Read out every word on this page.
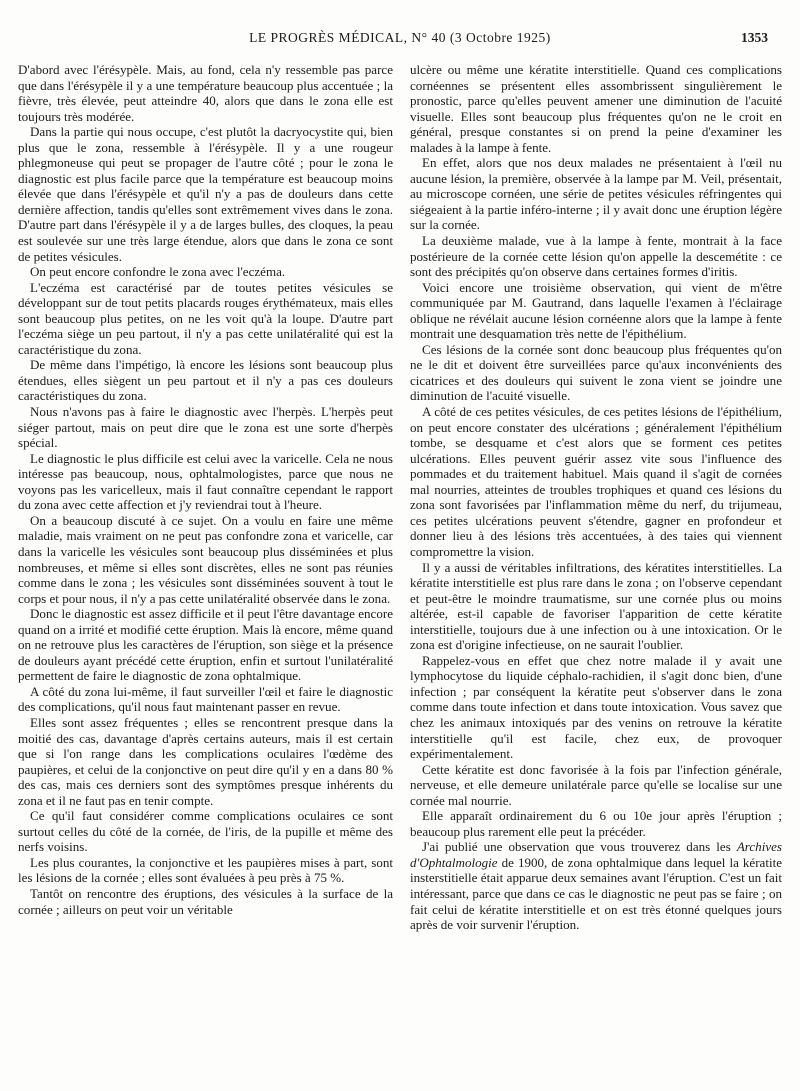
LE PROGRÈS MÉDICAL, N° 40 (3 Octobre 1925)	1353

D'abord avec l'érésypèle. Mais, au fond, cela n'y ressemble pas parce que dans l'érésypèle il y a une température beaucoup plus accentuée ; la fièvre, très élevée, peut atteindre 40, alors que dans le zona elle est toujours très modérée.

Dans la partie qui nous occupe, c'est plutôt la dacryocystite qui, bien plus que le zona, ressemble à l'érésypèle. Il y a une rougeur phlegmoneuse qui peut se propager de l'autre côté ; pour le zona le diagnostic est plus facile parce que la température est beaucoup moins élevée que dans l'érésypèle et qu'il n'y a pas de douleurs dans cette dernière affection, tandis qu'elles sont extrêmement vives dans le zona. D'autre part dans l'érésypèle il y a de larges bulles, des cloques, la peau est soulevée sur une très large étendue, alors que dans le zona ce sont de petites vésicules.

On peut encore confondre le zona avec l'eczéma.

L'eczéma est caractérisé par de toutes petites vésicules se développant sur de tout petits placards rouges érythémateux, mais elles sont beaucoup plus petites, on ne les voit qu'à la loupe. D'autre part l'eczéma siège un peu partout, il n'y a pas cette unilatéralité qui est la caractéristique du zona.

De même dans l'impétigo, là encore les lésions sont beaucoup plus étendues, elles siègent un peu partout et il n'y a pas ces douleurs caractéristiques du zona.

Nous n'avons pas à faire le diagnostic avec l'herpès. L'herpès peut siéger partout, mais on peut dire que le zona est une sorte d'herpès spécial.

Le diagnostic le plus difficile est celui avec la varicelle. Cela ne nous intéresse pas beaucoup, nous, ophtalmologistes, parce que nous ne voyons pas les varicelleux, mais il faut connaître cependant le rapport du zona avec cette affection et j'y reviendrai tout à l'heure.

On a beaucoup discuté à ce sujet. On a voulu en faire une même maladie, mais vraiment on ne peut pas confondre zona et varicelle, car dans la varicelle les vésicules sont beaucoup plus disséminées et plus nombreuses, et même si elles sont discrètes, elles ne sont pas réunies comme dans le zona ; les vésicules sont disséminées souvent à tout le corps et pour nous, il n'y a pas cette unilatéralité observée dans le zona.

Donc le diagnostic est assez difficile et il peut l'être davantage encore quand on a irrité et modifié cette éruption. Mais là encore, même quand on ne retrouve plus les caractères de l'éruption, son siège et la présence de douleurs ayant précédé cette éruption, enfin et surtout l'unilatéralité permettent de faire le diagnostic de zona ophtalmique.

A côté du zona lui-même, il faut surveiller l'œil et faire le diagnostic des complications, qu'il nous faut maintenant passer en revue.

Elles sont assez fréquentes ; elles se rencontrent presque dans la moitié des cas, davantage d'après certains auteurs, mais il est certain que si l'on range dans les complications oculaires l'œdème des paupières, et celui de la conjonctive on peut dire qu'il y en a dans 80 % des cas, mais ces derniers sont des symptômes presque inhérents du zona et il ne faut pas en tenir compte.

Ce qu'il faut considérer comme complications oculaires ce sont surtout celles du côté de la cornée, de l'iris, de la pupille et même des nerfs voisins.

Les plus courantes, la conjonctive et les paupières mises à part, sont les lésions de la cornée ; elles sont évaluées à peu près à 75 %.

Tantôt on rencontre des éruptions, des vésicules à la surface de la cornée ; ailleurs on peut voir un véritable

ulcère ou même une kératite interstitielle. Quand ces complications cornéennes se présentent elles assombrissent singulièrement le pronostic, parce qu'elles peuvent amener une diminution de l'acuité visuelle. Elles sont beaucoup plus fréquentes qu'on ne le croit en général, presque constantes si on prend la peine d'examiner les malades à la lampe à fente.

En effet, alors que nos deux malades ne présentaient à l'œil nu aucune lésion, la première, observée à la lampe par M. Veil, présentait, au microscope cornéen, une série de petites vésicules réfringentes qui siégeaient à la partie inféro-interne ; il y avait donc une éruption légère sur la cornée.

La deuxième malade, vue à la lampe à fente, montrait à la face postérieure de la cornée cette lésion qu'on appelle la descemétite : ce sont des précipités qu'on observe dans certaines formes d'iritis.

Voici encore une troisième observation, qui vient de m'être communiquée par M. Gautrand, dans laquelle l'examen à l'éclairage oblique ne révélait aucune lésion cornéenne alors que la lampe à fente montrait une desquamation très nette de l'épithélium.

Ces lésions de la cornée sont donc beaucoup plus fréquentes qu'on ne le dit et doivent être surveillées parce qu'aux inconvénients des cicatrices et des douleurs qui suivent le zona vient se joindre une diminution de l'acuité visuelle.

A côté de ces petites vésicules, de ces petites lésions de l'épithélium, on peut encore constater des ulcérations ; généralement l'épithélium tombe, se desquame et c'est alors que se forment ces petites ulcérations. Elles peuvent guérir assez vite sous l'influence des pommades et du traitement habituel. Mais quand il s'agit de cornées mal nourries, atteintes de troubles trophiques et quand ces lésions du zona sont favorisées par l'inflammation même du nerf, du trijumeau, ces petites ulcérations peuvent s'étendre, gagner en profondeur et donner lieu à des lésions très accentuées, à des taies qui viennent compromettre la vision.

Il y a aussi de véritables infiltrations, des kératites interstitielles. La kératite interstitielle est plus rare dans le zona ; on l'observe cependant et peut-être le moindre traumatisme, sur une cornée plus ou moins altérée, est-il capable de favoriser l'apparition de cette kératite interstitielle, toujours due à une infection ou à une intoxication. Or le zona est d'origine infectieuse, on ne saurait l'oublier.

Rappelez-vous en effet que chez notre malade il y avait une lymphocytose du liquide céphalo-rachidien, il s'agit donc bien, d'une infection ; par conséquent la kératite peut s'observer dans le zona comme dans toute infection et dans toute intoxication. Vous savez que chez les animaux intoxiqués par des venins on retrouve la kératite interstitielle qu'il est facile, chez eux, de provoquer expérimentalement.

Cette kératite est donc favorisée à la fois par l'infection générale, nerveuse, et elle demeure unilatérale parce qu'elle se localise sur une cornée mal nourrie.

Elle apparaît ordinairement du 6 ou 10e jour après l'éruption ; beaucoup plus rarement elle peut la précéder.

J'ai publié une observation que vous trouverez dans les Archives d'Ophtalmologie de 1900, de zona ophtalmique dans lequel la kératite insterstitielle était apparue deux semaines avant l'éruption. C'est un fait intéressant, parce que dans ce cas le diagnostic ne peut pas se faire ; on fait celui de kératite interstitielle et on est très étonné quelques jours après de voir survenir l'éruption.
